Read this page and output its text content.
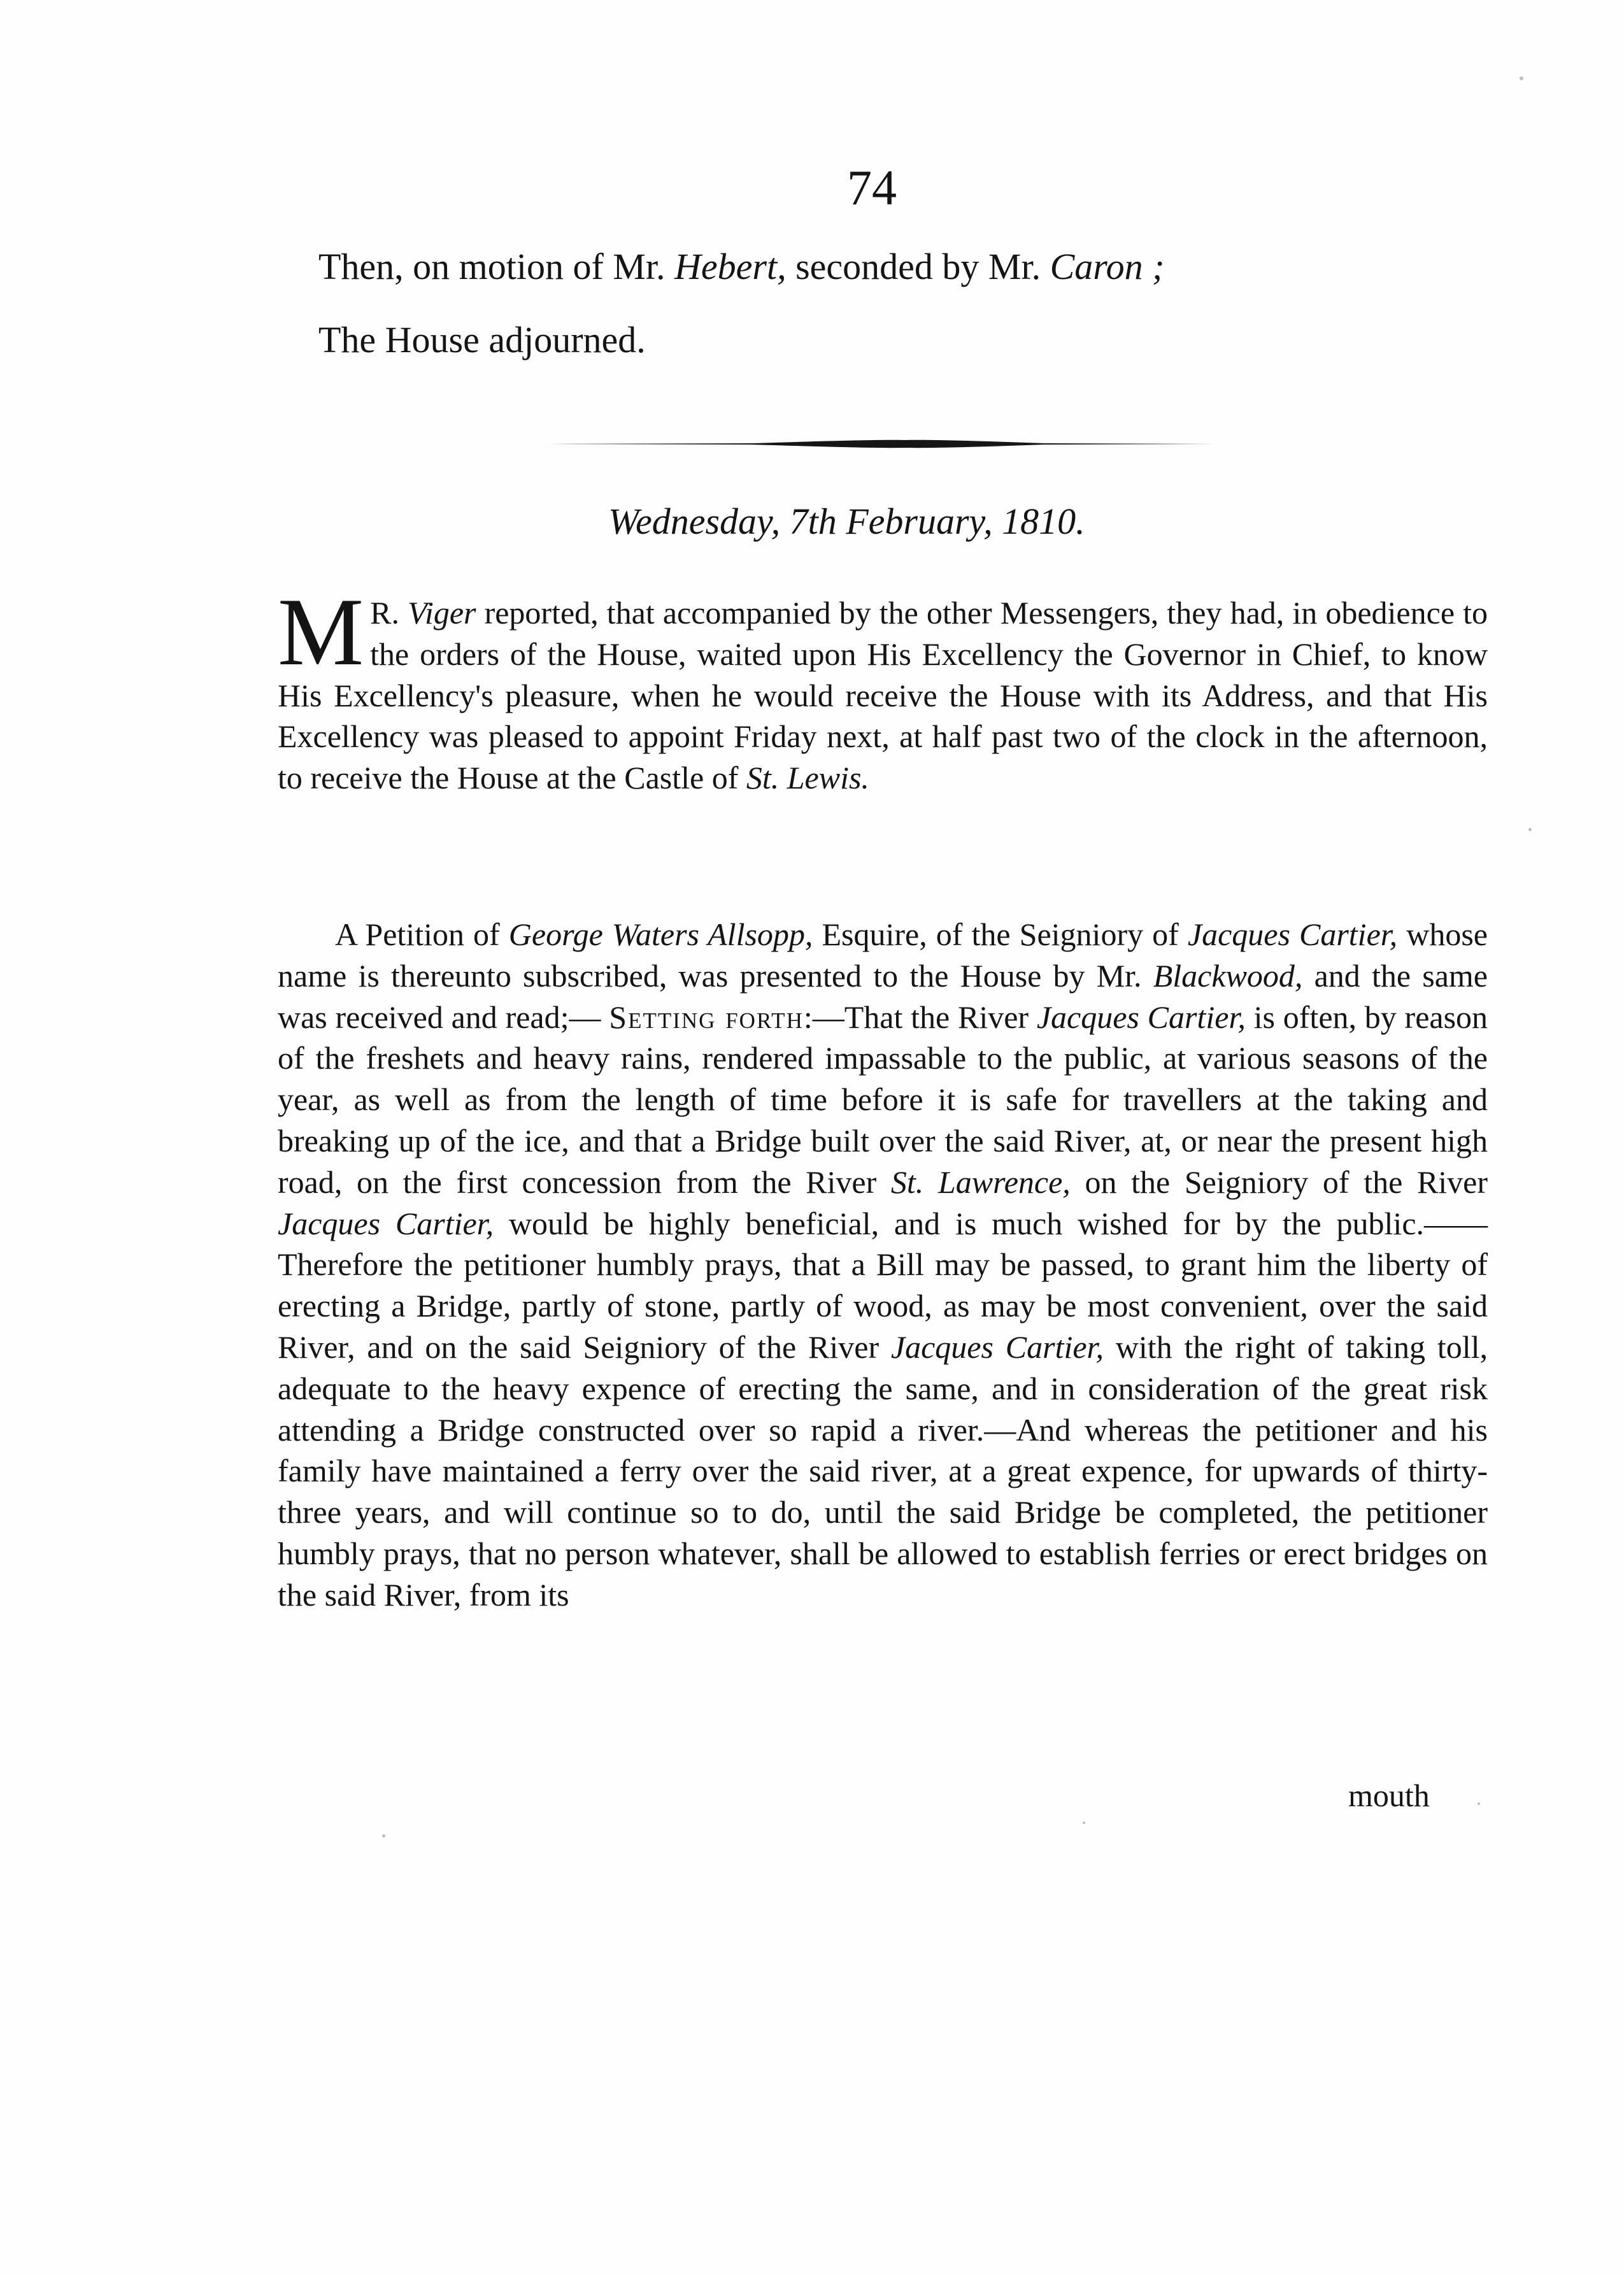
74
Then, on motion of Mr. Hebert, seconded by Mr. Caron ;
The House adjourned.
Wednesday, 7th February, 1810.
M R. Viger reported, that accompanied by the other Messengers, they had, in obedience to the orders of the House, waited upon His Excellency the Governor in Chief, to know His Excellency's pleasure, when he would receive the House with its Address, and that His Excellency was pleased to appoint Friday next, at half past two of the clock in the afternoon, to receive the House at the Castle of St. Lewis.
A Petition of George Waters Allsopp, Esquire, of the Seigniory of Jacques Cartier, whose name is thereunto subscribed, was presented to the House by Mr. Blackwood, and the same was received and read;— Setting forth:—That the River Jacques Cartier, is often, by reason of the freshets and heavy rains, rendered impassable to the public, at various seasons of the year, as well as from the length of time before it is safe for travellers at the taking and breaking up of the ice, and that a Bridge built over the said River, at, or near the present high road, on the first concession from the River St. Lawrence, on the Seigniory of the River Jacques Cartier, would be highly beneficial, and is much wished for by the public.——Therefore the petitioner humbly prays, that a Bill may be passed, to grant him the liberty of erecting a Bridge, partly of stone, partly of wood, as may be most convenient, over the said River, and on the said Seigniory of the River Jacques Cartier, with the right of taking toll, adequate to the heavy expence of erecting the same, and in consideration of the great risk attending a Bridge constructed over so rapid a river.—And whereas the petitioner and his family have maintained a ferry over the said river, at a great expence, for upwards of thirty-three years, and will continue so to do, until the said Bridge be completed, the petitioner humbly prays, that no person whatever, shall be allowed to establish ferries or erect bridges on the said River, from its
mouth
